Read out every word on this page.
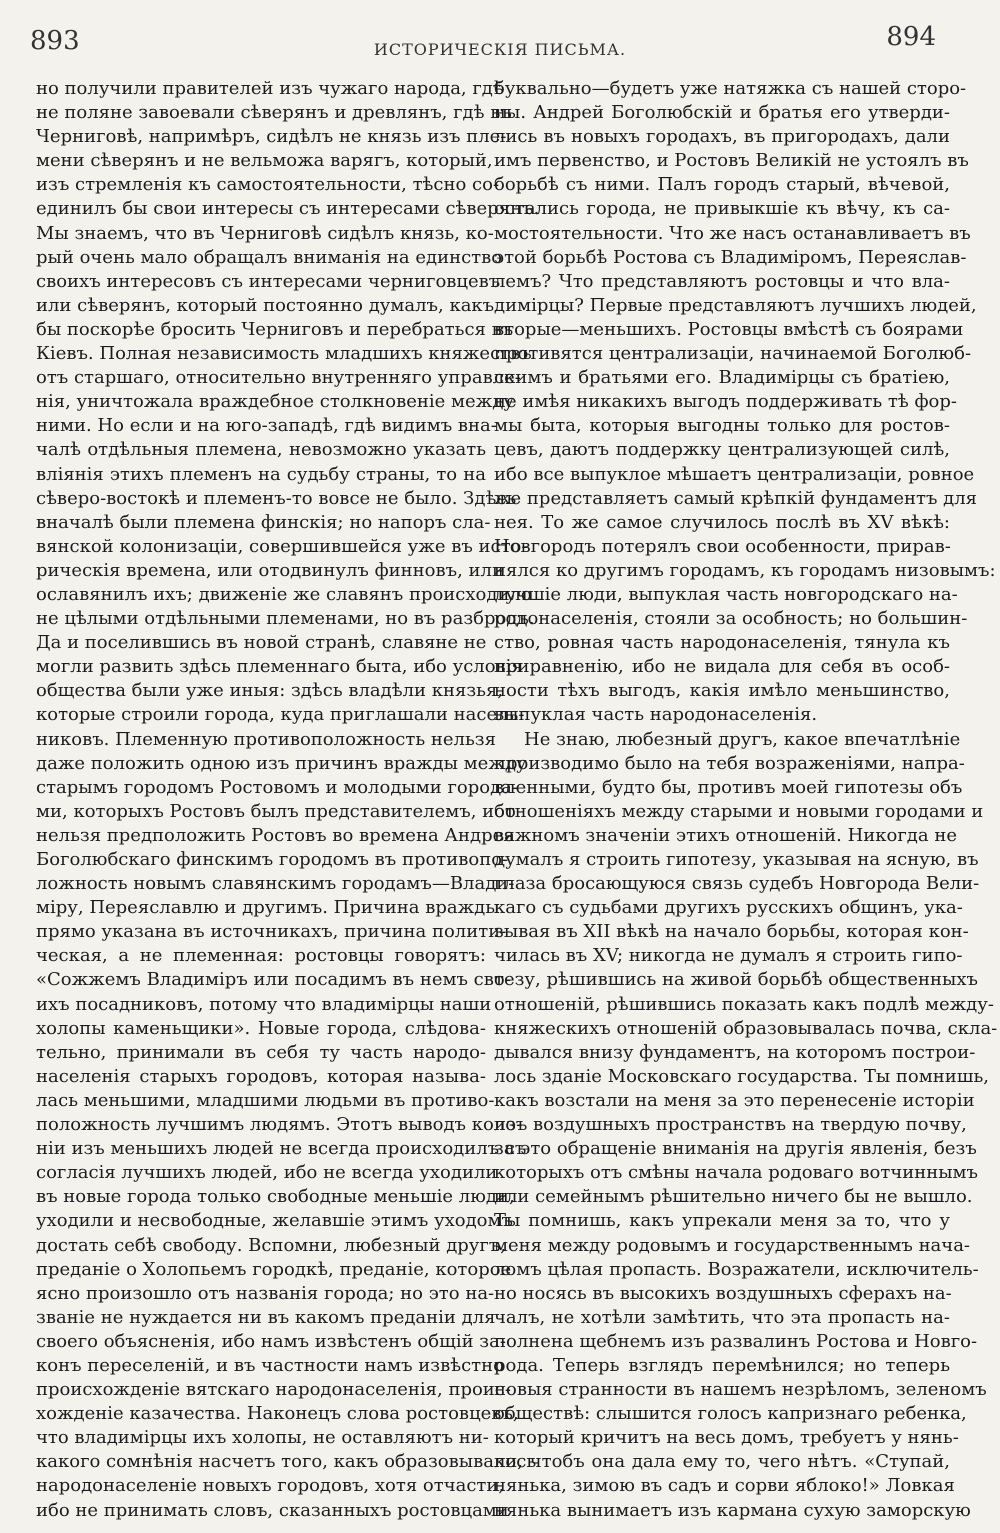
893	ИСТОРИЧЕСКІЯ ПИСЬМА.	894
но получили правителей изъ чужаго народа, гдѣ
не поляне завоевали сѣверянъ и древлянъ, гдѣ въ
Черниговѣ, напримѣръ, сидѣлъ не князь изъ пле-
мени сѣверянъ и не вельможа варягъ, который,
изъ стремленія къ самостоятельности, тѣсно со-
единилъ бы свои интересы съ интересами сѣверянъ.
Мы знаемъ, что въ Черниговѣ сидѣлъ князь, ко-
рый очень мало обращалъ вниманія на единство
своихъ интересовъ съ интересами черниговцевъ
или сѣверянъ, который постоянно думалъ, какъ
бы поскорѣе бросить Черниговъ и перебраться въ
Кіевъ. Полная независимость младшихъ княжествъ
отъ старшаго, относительно внутренняго управле-
нія, уничтожала враждебное столкновеніе между
ними. Но если и на юго-западѣ, гдѣ видимъ вна-
чалѣ отдѣльныя племена, невозможно указать
вліянія этихъ племенъ на судьбу страны, то на
сѣверо-востокѣ и племенъ-то вовсе не было. Здѣсь
вначалѣ были племена финскія; но напоръ сла-
вянской колонизаціи, совершившейся уже въ исто-
рическія времена, или отодвинулъ финновъ, или
ославянилъ ихъ; движеніе же славянъ происходило
не цѣлыми отдѣльными племенами, но въ разбродъ.
Да и поселившись въ новой странѣ, славяне не
могли развить здѣсь племеннаго быта, ибо условія
общества были уже иныя: здѣсь владѣли князья,
которые строили города, куда приглашали насель-
никовъ. Племенную противоположность нельзя
даже положить одною изъ причинъ вражды между
старымъ городомъ Ростовомъ и молодыми города-
ми, которыхъ Ростовъ былъ представителемъ, ибо
нельзя предположить Ростовъ во времена Андрея
Боголюбскаго финскимъ городомъ въ противопо-
ложность новымъ славянскимъ городамъ—Влади-
міру, Переяславлю и другимъ. Причина вражды
прямо указана въ источникахъ, причина полити-
ческая, а не племенная: ростовцы говорятъ:
«Сожжемъ Владиміръ или посадимъ въ немъ сво-
ихъ посадниковъ, потому что владимірцы наши
холопы каменьщики». Новые города, слѣдова-
тельно, принимали въ себя ту часть народо-
населенія старыхъ городовъ, которая называ-
лась меньшими, младшими людьми въ противо-
положность лучшимъ людямъ. Этотъ выводъ коло-
ніи изъ меньшихъ людей не всегда происходилъ съ
согласія лучшихъ людей, ибо не всегда уходили
въ новые города только свободные меньшіе люди,
уходили и несвободные, желавшіе этимъ уходомъ
достать себѣ свободу. Вспомни, любезный другъ,
преданіе о Холопьемъ городкѣ, преданіе, которое
ясно произошло отъ названія города; но это на-
званіе не нуждается ни въ какомъ преданіи для
своего объясненія, ибо намъ извѣстенъ общій за-
конъ переселеній, и въ частности намъ извѣстно
происхожденіе вятскаго народонаселенія, проис-
хожденіе казачества. Наконецъ слова ростовцевъ,
что владимірцы ихъ холопы, не оставляютъ ни-
какого сомнѣнія насчетъ того, какъ образовывалось
народонаселеніе новыхъ городовъ, хотя отчасти,
ибо не принимать словъ, сказанныхъ ростовцами
буквально—будетъ уже натяжка съ нашей сторо-
ны. Андрей Боголюбскій и братья его утверди-
лись въ новыхъ городахъ, въ пригородахъ, дали
имъ первенство, и Ростовъ Великій не устоялъ въ
борьбѣ съ ними. Палъ городъ старый, вѣчевой,
остались города, не привыкшіе къ вѣчу, къ са-
мостоятельности. Что же насъ останавливаетъ въ
этой борьбѣ Ростова съ Владиміромъ, Переяслав-
лемъ? Что представляютъ ростовцы и что вла-
димірцы? Первые представляютъ лучшихъ людей,
вторые—меньшихъ. Ростовцы вмѣстѣ съ боярами
противятся централизаціи, начинаемой Боголюб-
скимъ и братьями его. Владимірцы съ братіею,
не имѣя никакихъ выгодъ поддерживать тѣ фор-
мы быта, которыя выгодны только для ростов-
цевъ, даютъ поддержку централизующей силѣ,
ибо все выпуклое мѣшаетъ централизаціи, ровное
же представляетъ самый крѣпкій фундаментъ для
нея. То же самое случилось послѣ въ XV вѣкѣ:
Новгородъ потерялъ свои особенности, прирав-
нялся ко другимъ городамъ, къ городамъ низовымъ:
лучшіе люди, выпуклая часть новгородскаго на-
родонаселенія, стояли за особность; но большин-
ство, ровная часть народонаселенія, тянула къ
приравненію, ибо не видала для себя въ особ-
ности тѣхъ выгодъ, какія имѣло меньшинство,
выпуклая часть народонаселенія.
Не знаю, любезный другъ, какое впечатлѣніе
производимо было на тебя возраженіями, напра-
вленными, будто бы, противъ моей гипотезы объ
отношеніяхъ между старыми и новыми городами и
важномъ значеніи этихъ отношеній. Никогда не
думалъ я строить гипотезу, указывая на ясную, въ
глаза бросающуюся связь судебъ Новгорода Вели-
каго съ судьбами другихъ русскихъ общинъ, ука-
зывая въ XII вѣкѣ на начало борьбы, которая кон-
чилась въ XV; никогда не думалъ я строить гипо-
тезу, рѣшившись на живой борьбѣ общественныхъ
отношеній, рѣшившись показать какъ подлѣ между-
княжескихъ отношеній образовывалась почва, скла-
дывался внизу фундаментъ, на которомъ построи-
лось зданіе Московскаго государства. Ты помнишь,
какъ возстали на меня за это перенесеніе исторіи
изъ воздушныхъ пространствъ на твердую почву,
за это обращеніе вниманія на другія явленія, безъ
которыхъ отъ смѣны начала родоваго вотчиннымъ
или семейнымъ рѣшительно ничего бы не вышло.
Ты помнишь, какъ упрекали меня за то, что у
меня между родовымъ и государственнымъ нача-
ломъ цѣлая пропасть. Возражатели, исключитель-
но носясь въ высокихъ воздушныхъ сферахъ на-
чалъ, не хотѣли замѣтить, что эта пропасть на-
полнена щебнемъ изъ развалинъ Ростова и Новго-
рода. Теперь взглядъ перемѣнился; но теперь
новыя странности въ нашемъ незрѣломъ, зеленомъ
обществѣ: слышится голосъ капризнаго ребенка,
который кричитъ на весь домъ, требуетъ у нянь-
ки, чтобъ она дала ему то, чего нѣтъ. «Ступай,
нянька, зимою въ садъ и сорви яблоко!» Ловкая
нянька вынимаетъ изъ кармана сухую заморскую
